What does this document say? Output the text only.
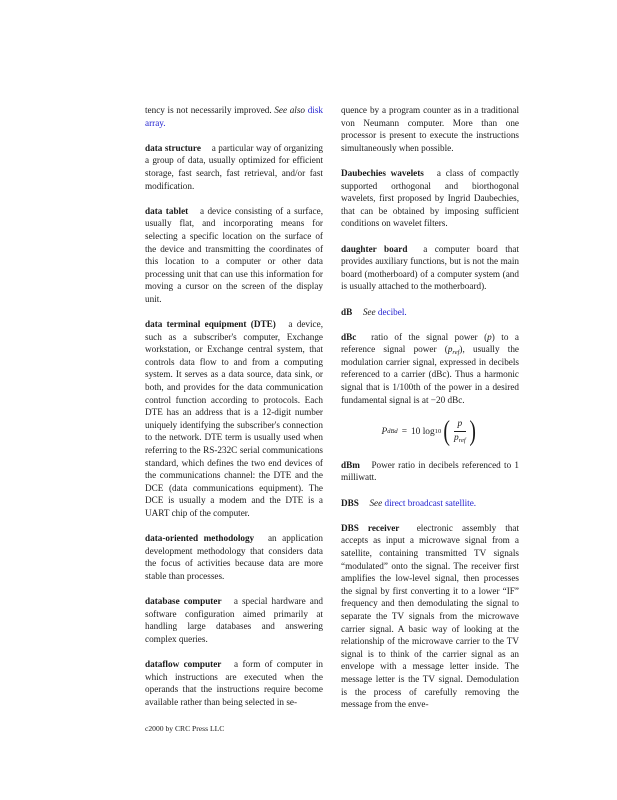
tency is not necessarily improved. See also disk array.

data structure a particular way of organizing a group of data, usually optimized for efficient storage, fast search, fast retrieval, and/or fast modification.

data tablet a device consisting of a surface, usually flat, and incorporating means for selecting a specific location on the surface of the device and transmitting the coordinates of this location to a computer or other data processing unit that can use this information for moving a cursor on the screen of the display unit.

data terminal equipment (DTE) a device, such as a subscriber's computer, Exchange workstation, or Exchange central system, that controls data flow to and from a computing system. It serves as a data source, data sink, or both, and provides for the data communication control function according to protocols. Each DTE has an address that is a 12-digit number uniquely identifying the subscriber's connection to the network. DTE term is usually used when referring to the RS-232C serial communications standard, which defines the two end devices of the communications channel: the DTE and the DCE (data communications equipment). The DCE is usually a modem and the DTE is a UART chip of the computer.

data-oriented methodology an application development methodology that considers data the focus of activities because data are more stable than processes.

database computer a special hardware and software configuration aimed primarily at handling large databases and answering complex queries.

dataflow computer a form of computer in which instructions are executed when the operands that the instructions require become available rather than being selected in se-

quence by a program counter as in a traditional von Neumann computer. More than one processor is present to execute the instructions simultaneously when possible.

Daubechies wavelets a class of compactly supported orthogonal and biorthogonal wavelets, first proposed by Ingrid Daubechies, that can be obtained by imposing sufficient conditions on wavelet filters.

daughter board a computer board that provides auxiliary functions, but is not the main board (motherboard) of a computer system (and is usually attached to the motherboard).

dB See decibel.

dBc ratio of the signal power (p) to a reference signal power $(p_{ref})$, usually the modulation carrier signal, expressed in decibels referenced to a carrier (dBc). Thus a harmonic signal that is 1/100th of the power in a desired fundamental signal is at −20 dBc.

P dBd = 10 log 10 ( $\frac{p}{p_{ref}}$ )

dBm Power ratio in decibels referenced to 1 milliwatt.

DBS See direct broadcast satellite.

DBS receiver electronic assembly that accepts as input a microwave signal from a satellite, containing transmitted TV signals “modulated” onto the signal. The receiver first amplifies the low-level signal, then processes the signal by first converting it to a lower “IF” frequency and then demodulating the signal to separate the TV signals from the microwave carrier signal. A basic way of looking at the relationship of the microwave carrier to the TV signal is to think of the carrier signal as an envelope with a message letter inside. The message letter is the TV signal. Demodulation is the process of carefully removing the message from the enve-

c2000 by CRC Press LLC
